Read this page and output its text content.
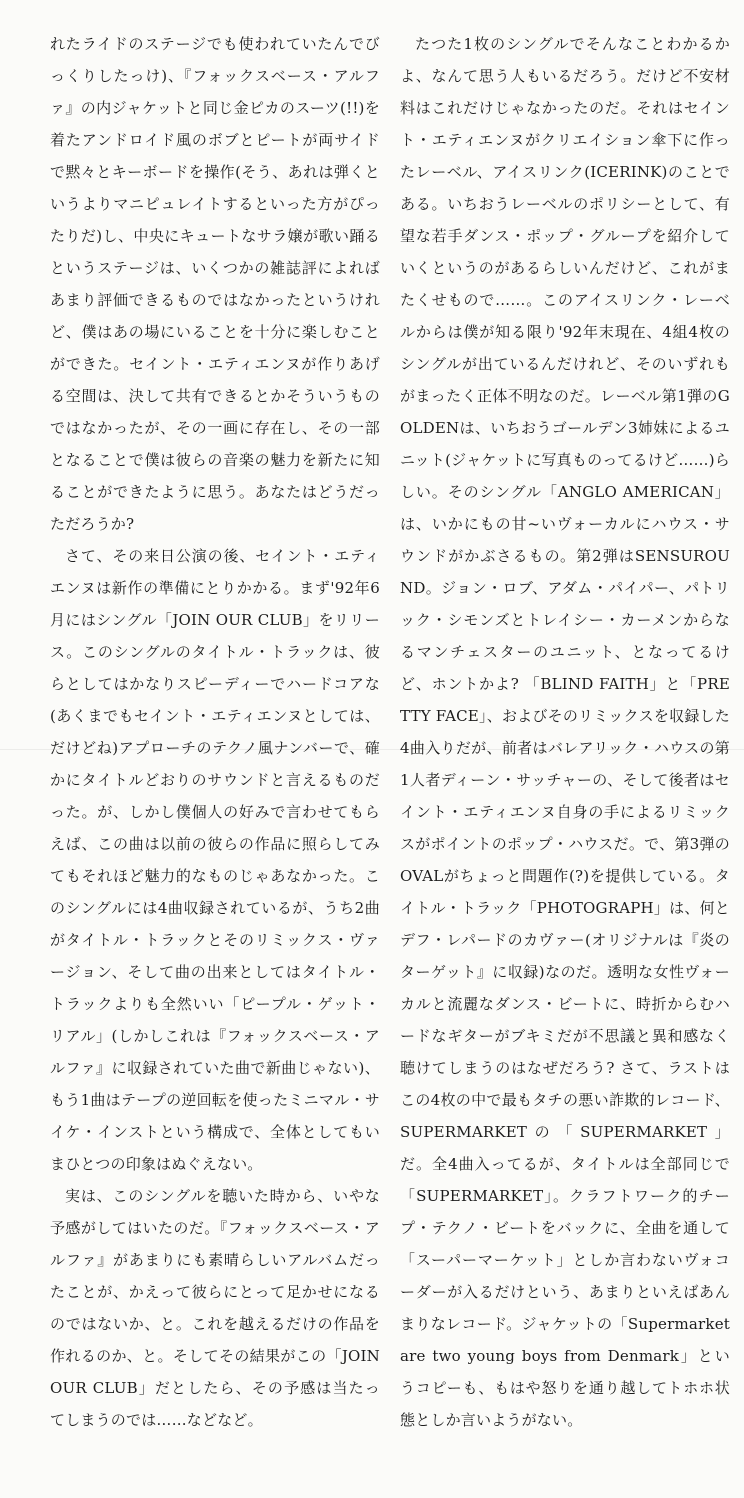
れたライドのステージでも使われていたんでびっくりしたっけ)、『フォックスベース・アルファ』の内ジャケットと同じ金ピカのスーツ(!!)を着たアンドロイド風のボブとピートが両サイドで黙々とキーボードを操作(そう、あれは弾くというよりマニピュレイトするといった方がぴったりだ)し、中央にキュートなサラ嬢が歌い踊るというステージは、いくつかの雑誌評によればあまり評価できるものではなかったというけれど、僕はあの場にいることを十分に楽しむことができた。セイント・エティエンヌが作りあげる空間は、決して共有できるとかそういうものではなかったが、その一画に存在し、その一部となることで僕は彼らの音楽の魅力を新たに知ることができたように思う。あなたはどうだっただろうか?

さて、その来日公演の後、セイント・エティエンヌは新作の準備にとりかかる。まず'92年6月にはシングル「JOIN OUR CLUB」をリリース。このシングルのタイトル・トラックは、彼らとしてはかなりスピーディーでハードコアな(あくまでもセイント・エティエンヌとしては、だけどね)アプローチのテクノ風ナンバーで、確かにタイトルどおりのサウンドと言えるものだった。が、しかし僕個人の好みで言わせてもらえば、この曲は以前の彼らの作品に照らしてみてもそれほど魅力的なものじゃあなかった。このシングルには4曲収録されているが、うち2曲がタイトル・トラックとそのリミックス・ヴァージョン、そして曲の出来としてはタイトル・トラックよりも全然いい「ピープル・ゲット・リアル」(しかしこれは『フォックスベース・アルファ』に収録されていた曲で新曲じゃない)、もう1曲はテープの逆回転を使ったミニマル・サイケ・インストという構成で、全体としてもいまひとつの印象はぬぐえない。

実は、このシングルを聴いた時から、いやな予感がしてはいたのだ。『フォックスベース・アルファ』があまりにも素晴らしいアルバムだったことが、かえって彼らにとって足かせになるのではないか、と。これを越えるだけの作品を作れるのか、と。そしてその結果がこの「JOIN OUR CLUB」だとしたら、その予感は当たってしまうのでは……などなど。

たつた1枚のシングルでそんなことわかるかよ、なんて思う人もいるだろう。だけど不安材料はこれだけじゃなかったのだ。それはセイント・エティエンヌがクリエイション傘下に作ったレーベル、アイスリンク(ICERINK)のことである。いちおうレーベルのポリシーとして、有望な若手ダンス・ポップ・グループを紹介していくというのがあるらしいんだけど、これがまたくせもので……。このアイスリンク・レーベルからは僕が知る限り'92年末現在、4組4枚のシングルが出ているんだけれど、そのいずれもがまったく正体不明なのだ。レーベル第1弾のGOLDENは、いちおうゴールデン3姉妹によるユニット(ジャケットに写真ものってるけど……)らしい。そのシングル「ANGLO AMERICAN」は、いかにもの甘~いヴォーカルにハウス・サウンドがかぶさるもの。第2弾はSENSUROUND。ジョン・ロブ、アダム・パイパー、パトリック・シモンズとトレイシー・カーメンからなるマンチェスターのユニット、となってるけど、ホントかよ? 「BLIND FAITH」と「PRETTY FACE」、およびそのリミックスを収録した4曲入りだが、前者はバレアリック・ハウスの第1人者ディーン・サッチャーの、そして後者はセイント・エティエンヌ自身の手によるリミックスがポイントのポップ・ハウスだ。で、第3弾のOVALがちょっと問題作(?)を提供している。タイトル・トラック「PHOTOGRAPH」は、何とデフ・レパードのカヴァー(オリジナルは『炎のターゲット』に収録)なのだ。透明な女性ヴォーカルと流麗なダンス・ビートに、時折からむハードなギターがブキミだが不思議と異和感なく聴けてしまうのはなぜだろう? さて、ラストはこの4枚の中で最もタチの悪い詐欺的レコード、SUPERMARKETの「SUPERMARKET」だ。全4曲入ってるが、タイトルは全部同じで「SUPERMARKET」。クラフトワーク的チープ・テクノ・ビートをバックに、全曲を通して「スーパーマーケット」としか言わないヴォコーダーが入るだけという、あまりといえばあんまりなレコード。ジャケットの「Supermarket are two young boys from Denmark」というコピーも、もはや怒りを通り越してトホホ状態としか言いようがない。
